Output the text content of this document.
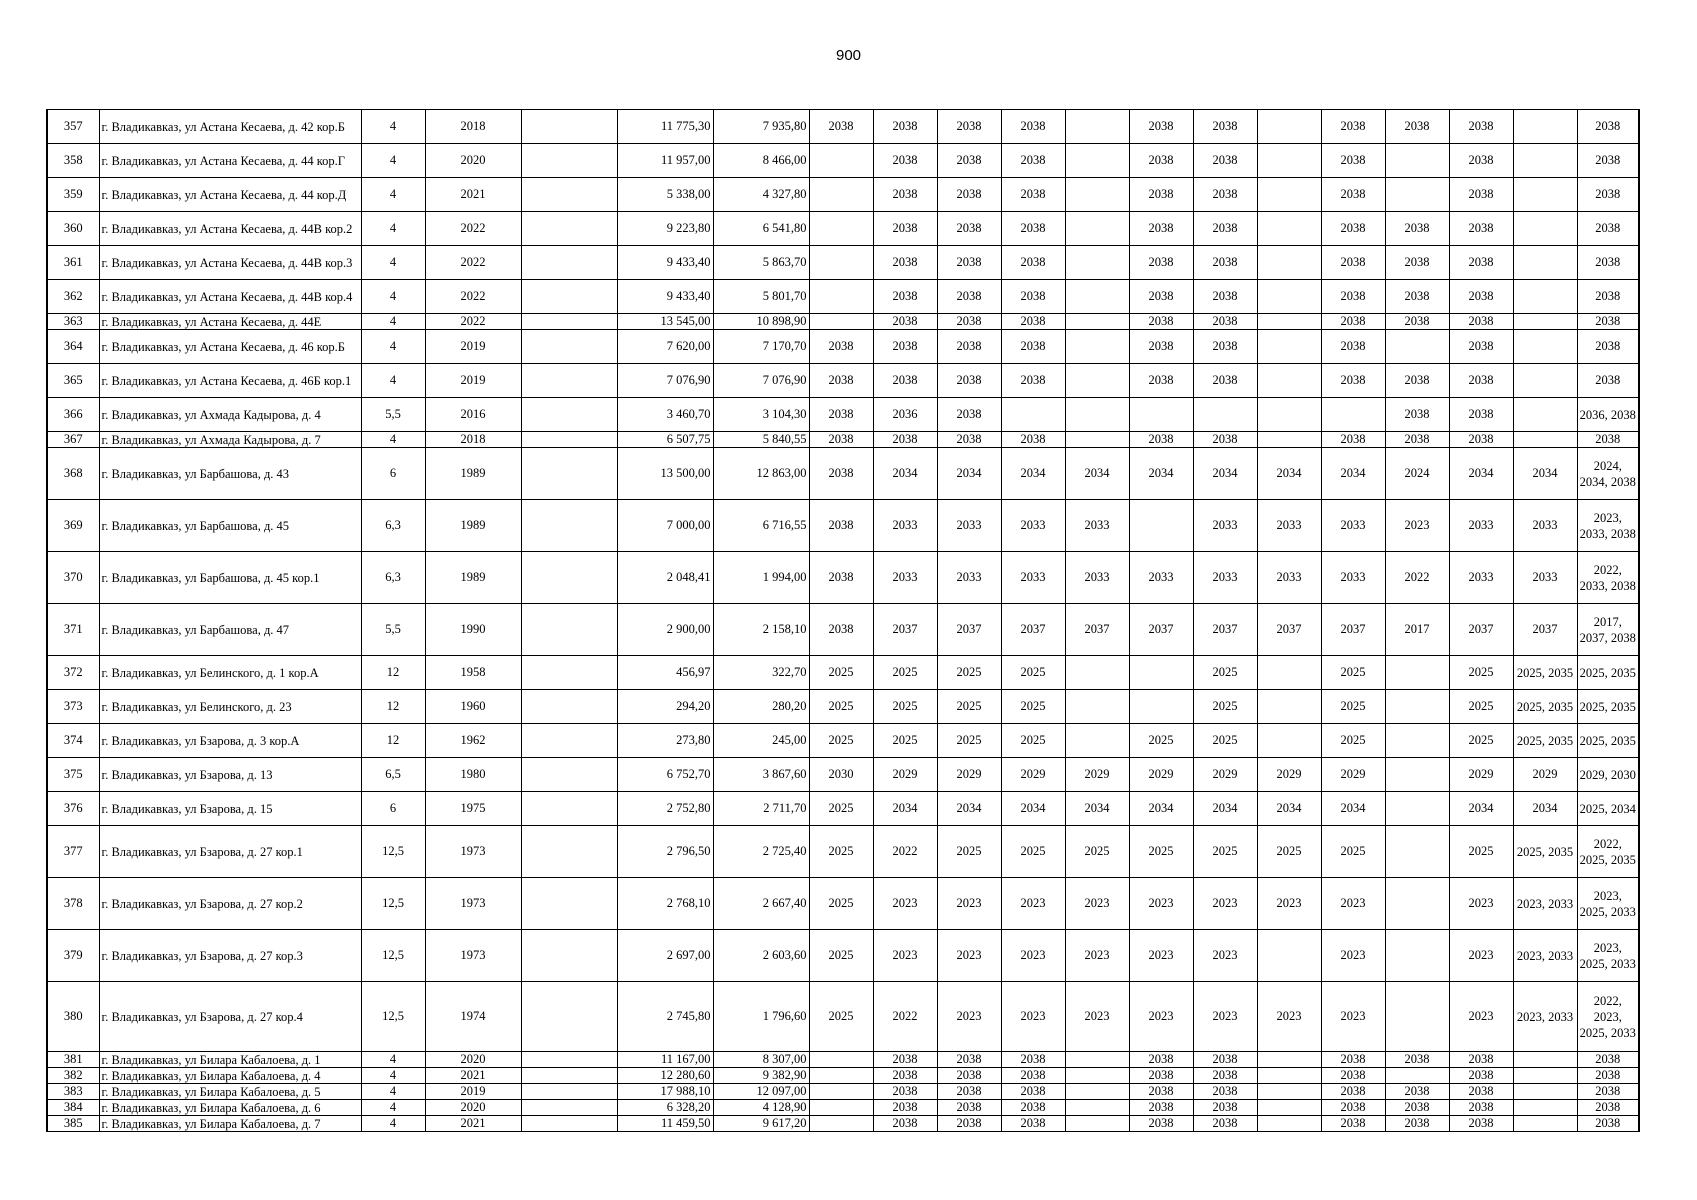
900
357	г. Владикавказ, ул Астана Кесаева, д. 42 кор.Б	4	2018		11 775,30	7 935,80	2038	2038	2038	2038		2038	2038		2038	2038	2038		2038
358	г. Владикавказ, ул Астана Кесаева, д. 44 кор.Г	4	2020		11 957,00	8 466,00		2038	2038	2038		2038	2038		2038		2038		2038
359	г. Владикавказ, ул Астана Кесаева, д. 44 кор.Д	4	2021		5 338,00	4 327,80		2038	2038	2038		2038	2038		2038		2038		2038
360	г. Владикавказ, ул Астана Кесаева, д. 44В кор.2	4	2022		9 223,80	6 541,80		2038	2038	2038		2038	2038		2038	2038	2038		2038
361	г. Владикавказ, ул Астана Кесаева, д. 44В кор.3	4	2022		9 433,40	5 863,70		2038	2038	2038		2038	2038		2038	2038	2038		2038
362	г. Владикавказ, ул Астана Кесаева, д. 44В кор.4	4	2022		9 433,40	5 801,70		2038	2038	2038		2038	2038		2038	2038	2038		2038
363	г. Владикавказ, ул Астана Кесаева, д. 44Е	4	2022		13 545,00	10 898,90		2038	2038	2038		2038	2038		2038	2038	2038		2038
364	г. Владикавказ, ул Астана Кесаева, д. 46 кор.Б	4	2019		7 620,00	7 170,70	2038	2038	2038	2038		2038	2038		2038		2038		2038
365	г. Владикавказ, ул Астана Кесаева, д. 46Б кор.1	4	2019		7 076,90	7 076,90	2038	2038	2038	2038		2038	2038		2038	2038	2038		2038
366	г. Владикавказ, ул Ахмада Кадырова, д. 4	5,5	2016		3 460,70	3 104,30	2038	2036	2038							2038	2038		2036, 2038
367	г. Владикавказ, ул Ахмада Кадырова, д. 7	4	2018		6 507,75	5 840,55	2038	2038	2038	2038		2038	2038		2038	2038	2038		2038
368	г. Владикавказ, ул Барбашова, д. 43	6	1989		13 500,00	12 863,00	2038	2034	2034	2034	2034	2034	2034	2034	2034	2024	2034	2034	2024, 2034, 2038
369	г. Владикавказ, ул Барбашова, д. 45	6,3	1989		7 000,00	6 716,55	2038	2033	2033	2033	2033		2033	2033	2033	2023	2033	2033	2023, 2033, 2038
370	г. Владикавказ, ул Барбашова, д. 45 кор.1	6,3	1989		2 048,41	1 994,00	2038	2033	2033	2033	2033	2033	2033	2033	2033	2022	2033	2033	2022, 2033, 2038
371	г. Владикавказ, ул Барбашова, д. 47	5,5	1990		2 900,00	2 158,10	2038	2037	2037	2037	2037	2037	2037	2037	2037	2017	2037	2037	2017, 2037, 2038
372	г. Владикавказ, ул Белинского, д. 1 кор.А	12	1958		456,97	322,70	2025	2025	2025	2025			2025		2025		2025	2025, 2035	2025, 2035
373	г. Владикавказ, ул Белинского, д. 23	12	1960		294,20	280,20	2025	2025	2025	2025			2025		2025		2025	2025, 2035	2025, 2035
374	г. Владикавказ, ул Бзарова, д. 3 кор.А	12	1962		273,80	245,00	2025	2025	2025	2025		2025	2025		2025		2025	2025, 2035	2025, 2035
375	г. Владикавказ, ул Бзарова, д. 13	6,5	1980		6 752,70	3 867,60	2030	2029	2029	2029	2029	2029	2029	2029	2029		2029	2029	2029, 2030
376	г. Владикавказ, ул Бзарова, д. 15	6	1975		2 752,80	2 711,70	2025	2034	2034	2034	2034	2034	2034	2034	2034		2034	2034	2025, 2034
377	г. Владикавказ, ул Бзарова, д. 27 кор.1	12,5	1973		2 796,50	2 725,40	2025	2022	2025	2025	2025	2025	2025	2025	2025		2025	2025, 2035	2022, 2025, 2035
378	г. Владикавказ, ул Бзарова, д. 27 кор.2	12,5	1973		2 768,10	2 667,40	2025	2023	2023	2023	2023	2023	2023	2023	2023		2023	2023, 2033	2023, 2025, 2033
379	г. Владикавказ, ул Бзарова, д. 27 кор.3	12,5	1973		2 697,00	2 603,60	2025	2023	2023	2023	2023	2023	2023		2023		2023	2023, 2033	2023, 2025, 2033
380	г. Владикавказ, ул Бзарова, д. 27 кор.4	12,5	1974		2 745,80	1 796,60	2025	2022	2023	2023	2023	2023	2023	2023	2023		2023	2023, 2033	2022, 2023, 2025, 2033
381	г. Владикавказ, ул Билара Кабалоева, д. 1	4	2020		11 167,00	8 307,00		2038	2038	2038		2038	2038		2038	2038	2038		2038
382	г. Владикавказ, ул Билара Кабалоева, д. 4	4	2021		12 280,60	9 382,90		2038	2038	2038		2038	2038		2038		2038		2038
383	г. Владикавказ, ул Билара Кабалоева, д. 5	4	2019		17 988,10	12 097,00		2038	2038	2038		2038	2038		2038	2038	2038		2038
384	г. Владикавказ, ул Билара Кабалоева, д. 6	4	2020		6 328,20	4 128,90		2038	2038	2038		2038	2038		2038	2038	2038		2038
385	г. Владикавказ, ул Билара Кабалоева, д. 7	4	2021		11 459,50	9 617,20		2038	2038	2038		2038	2038		2038	2038	2038		2038
